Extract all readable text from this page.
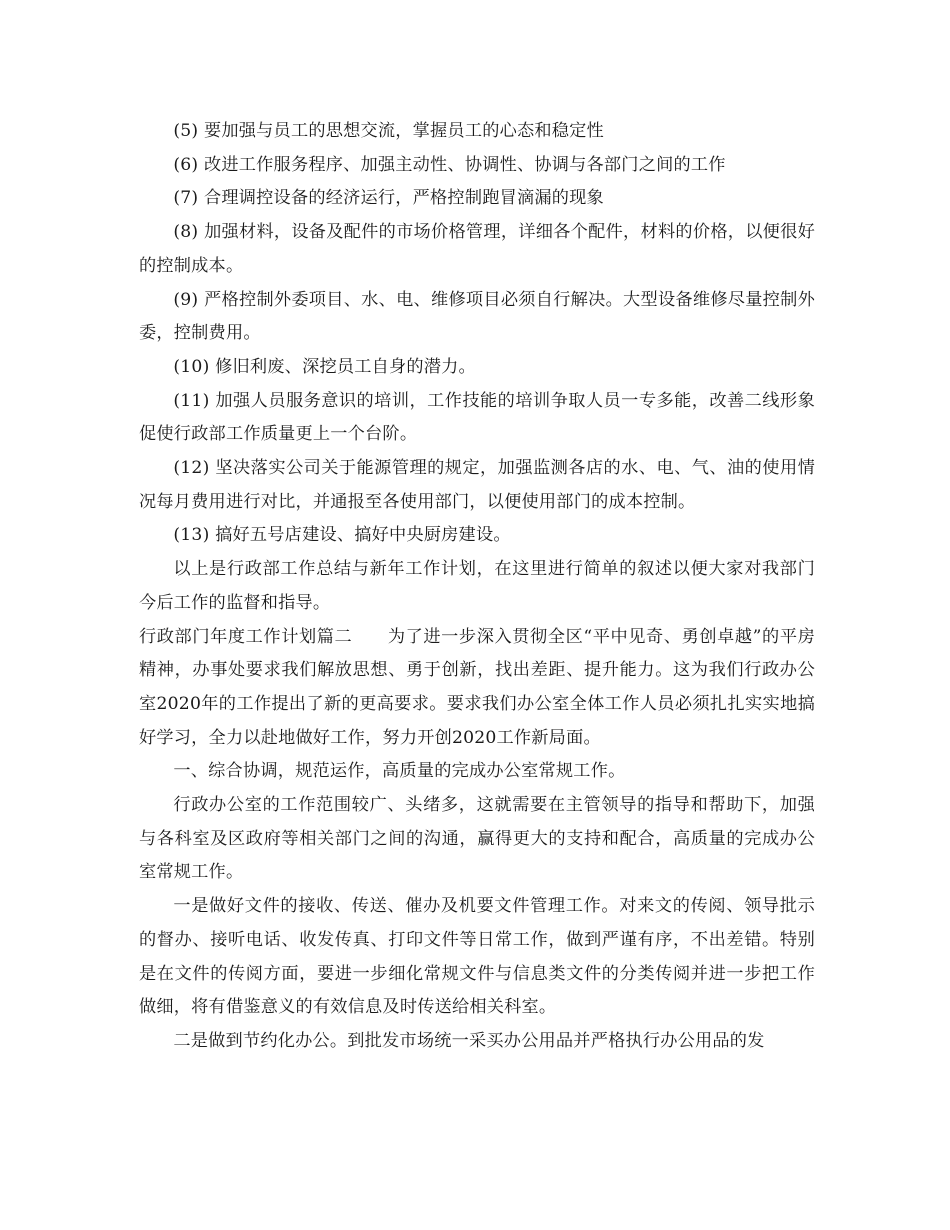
(5) 要加强与员工的思想交流，掌握员工的心态和稳定性

(6) 改进工作服务程序、加强主动性、协调性、协调与各部门之间的工作

(7) 合理调控设备的经济运行，严格控制跑冒滴漏的现象

(8) 加强材料，设备及配件的市场价格管理，详细各个配件，材料的价格，以便很好的控制成本。

(9) 严格控制外委项目、水、电、维修项目必须自行解决。大型设备维修尽量控制外委，控制费用。

(10) 修旧利废、深挖员工自身的潜力。

(11) 加强人员服务意识的培训，工作技能的培训争取人员一专多能，改善二线形象促使行政部工作质量更上一个台阶。

(12) 坚决落实公司关于能源管理的规定，加强监测各店的水、电、气、油的使用情况每月费用进行对比，并通报至各使用部门，以便使用部门的成本控制。

(13) 搞好五号店建设、搞好中央厨房建设。

以上是行政部工作总结与新年工作计划，在这里进行简单的叙述以便大家对我部门今后工作的监督和指导。

行政部门年度工作计划篇二　　为了进一步深入贯彻全区“平中见奇、勇创卓越”的平房精神，办事处要求我们解放思想、勇于创新，找出差距、提升能力。这为我们行政办公室2020年的工作提出了新的更高要求。要求我们办公室全体工作人员必须扎扎实实地搞好学习，全力以赴地做好工作，努力开创2020工作新局面。

一、综合协调，规范运作，高质量的完成办公室常规工作。

行政办公室的工作范围较广、头绪多，这就需要在主管领导的指导和帮助下，加强与各科室及区政府等相关部门之间的沟通，赢得更大的支持和配合，高质量的完成办公室常规工作。

一是做好文件的接收、传送、催办及机要文件管理工作。对来文的传阅、领导批示的督办、接听电话、收发传真、打印文件等日常工作，做到严谨有序，不出差错。特别是在文件的传阅方面，要进一步细化常规文件与信息类文件的分类传阅并进一步把工作做细，将有借鉴意义的有效信息及时传送给相关科室。

二是做到节约化办公。到批发市场统一采买办公用品并严格执行办公用品的发
